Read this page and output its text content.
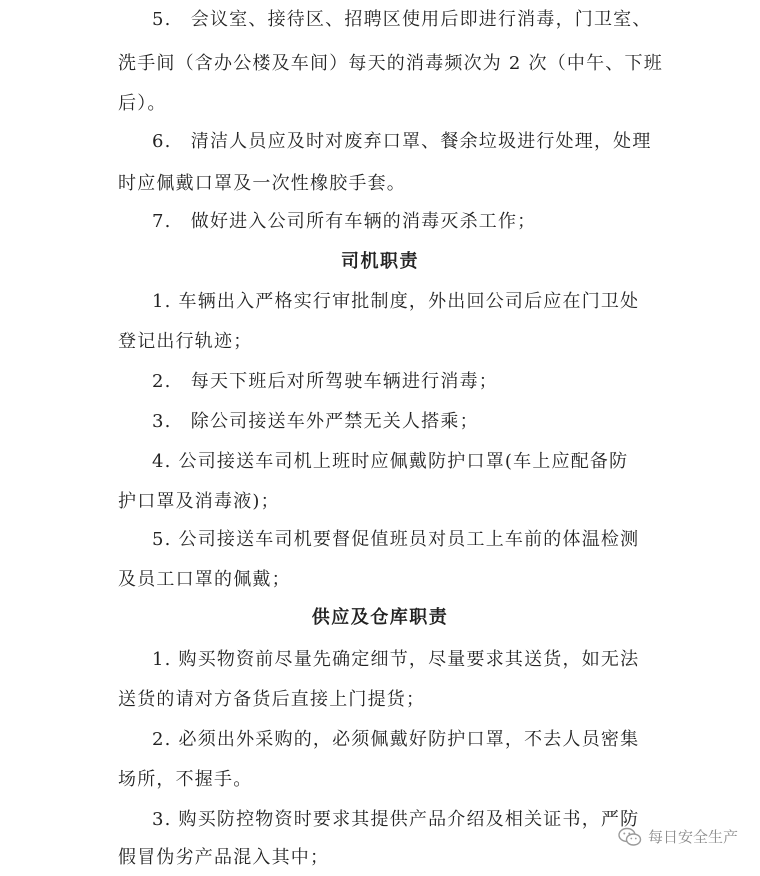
5.　会议室、接待区、招聘区使用后即进行消毒，门卫室、
洗手间（含办公楼及车间）每天的消毒频次为 2 次（中午、下班
后）。
6.　清洁人员应及时对废弃口罩、餐余垃圾进行处理，处理
时应佩戴口罩及一次性橡胶手套。
7.　做好进入公司所有车辆的消毒灭杀工作；
司机职责
1. 车辆出入严格实行审批制度，外出回公司后应在门卫处
登记出行轨迹；
2.　每天下班后对所驾驶车辆进行消毒；
3.　除公司接送车外严禁无关人搭乘；
4. 公司接送车司机上班时应佩戴防护口罩(车上应配备防
护口罩及消毒液)；
5. 公司接送车司机要督促值班员对员工上车前的体温检测
及员工口罩的佩戴；
供应及仓库职责
1. 购买物资前尽量先确定细节，尽量要求其送货，如无法
送货的请对方备货后直接上门提货；
2. 必须出外采购的，必须佩戴好防护口罩，不去人员密集
场所，不握手。
3. 购买防控物资时要求其提供产品介绍及相关证书，严防
假冒伪劣产品混入其中；
每日安全生产
